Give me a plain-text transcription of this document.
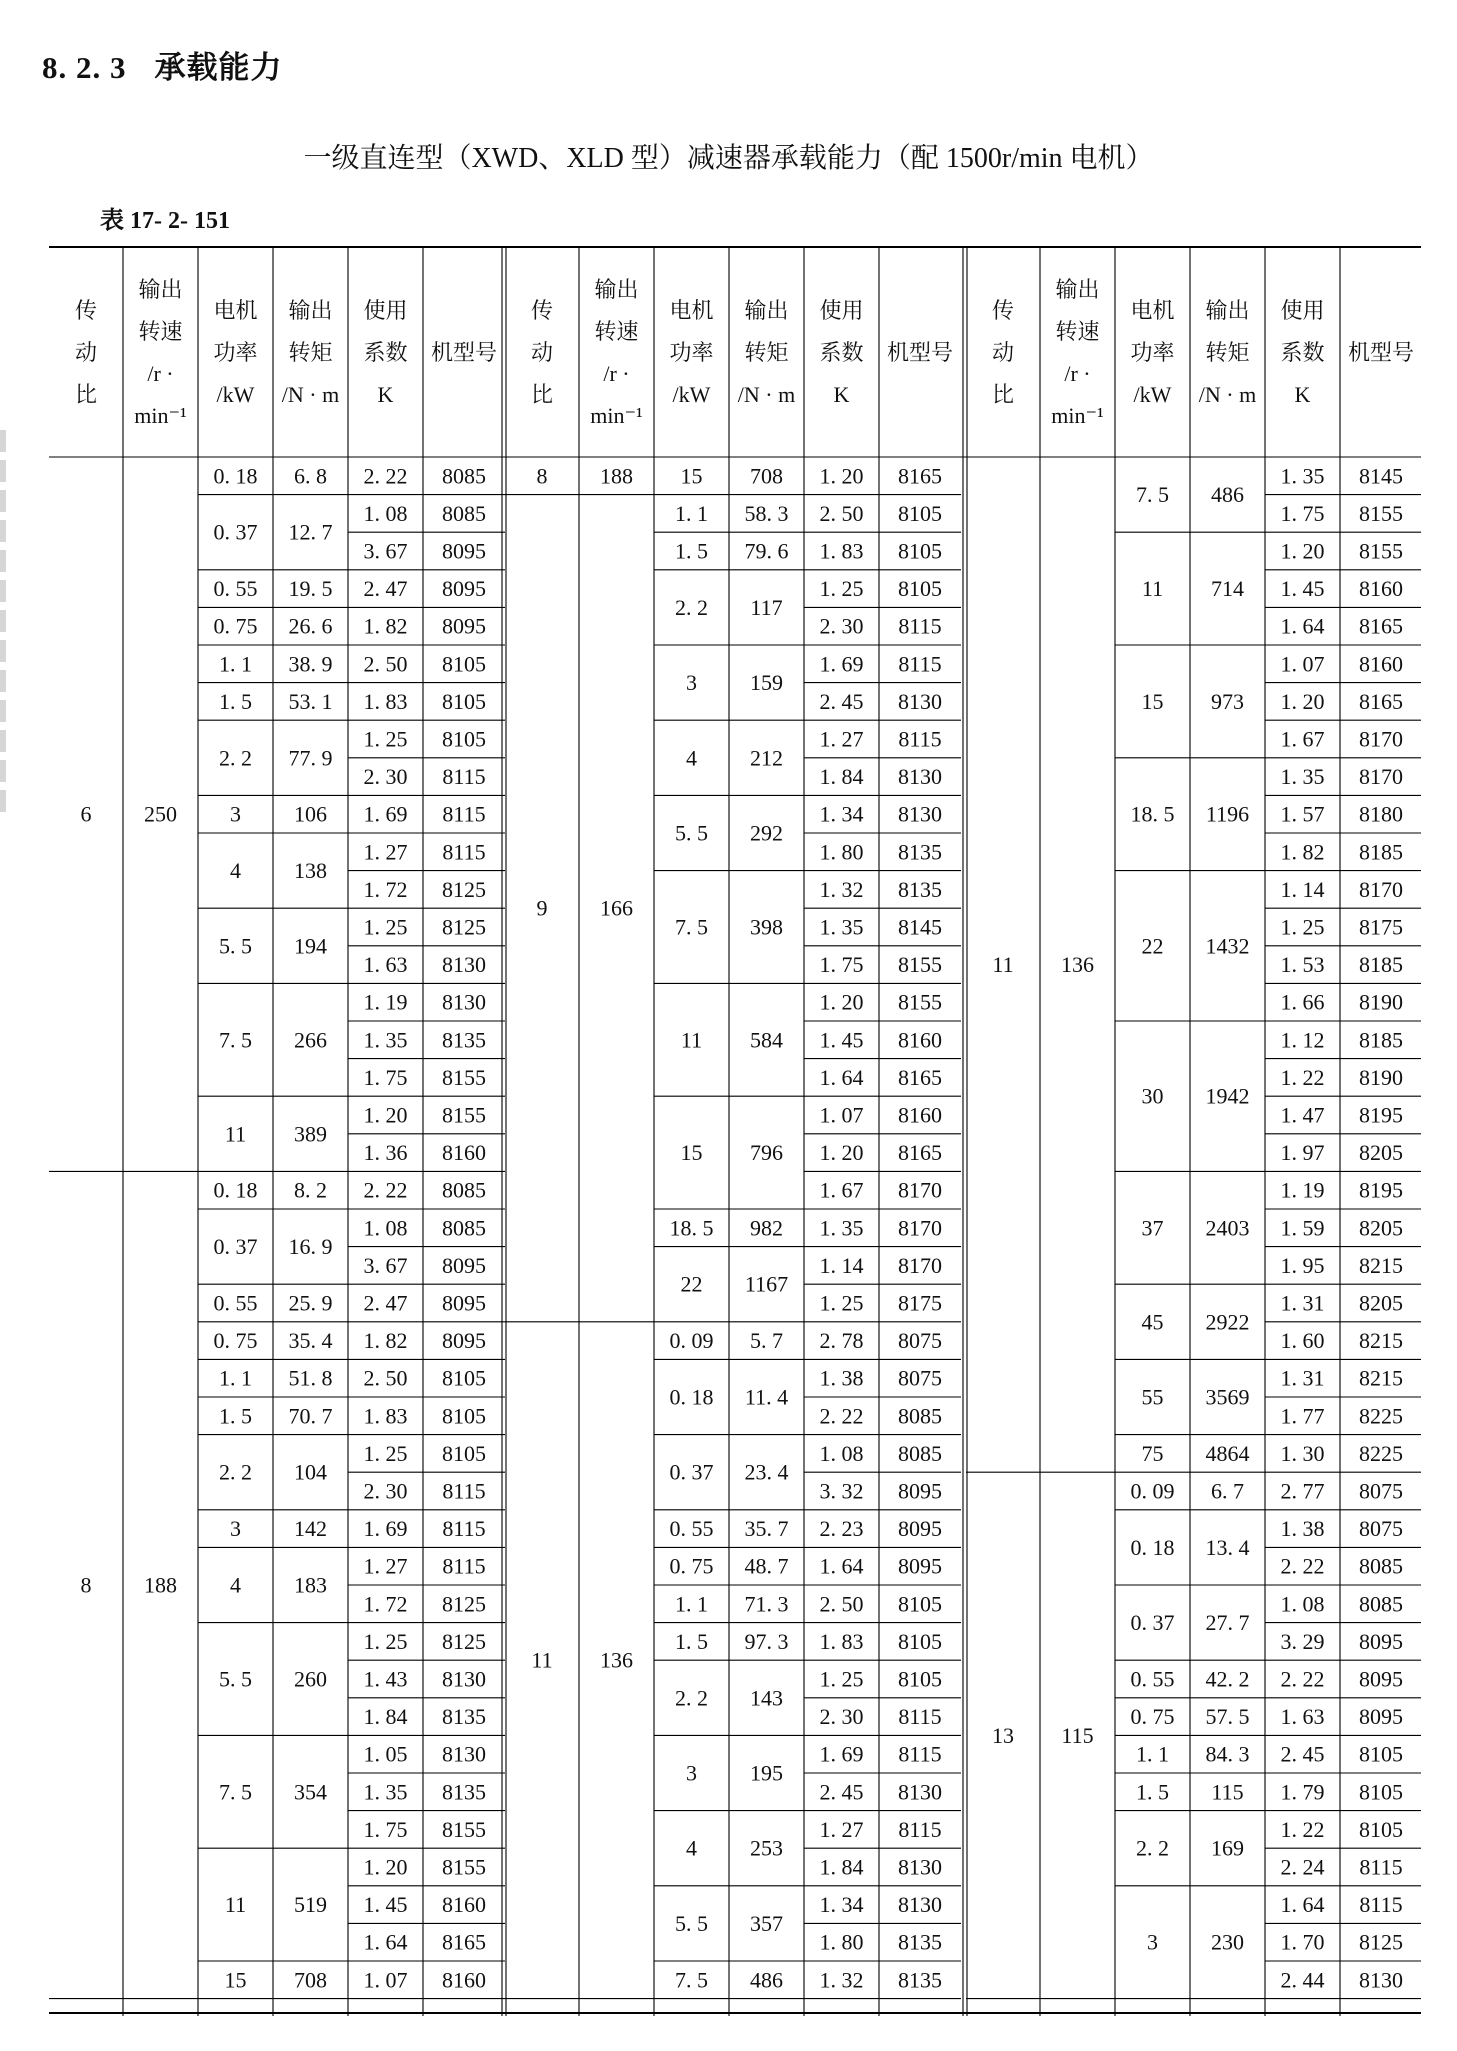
8. 2. 3 承载能力
一级直连型（XWD、XLD 型）减速器承载能力（配 1500r/min 电机）
表 17- 2- 151
传
动
比
输出
转速
/r ·
min⁻¹
电机
功率
/kW
输出
转矩
/N · m
使用
系数
K
机型号
2. 22 8085
0. 18 6. 8
1. 08 8085
3. 67 8095
0. 37 12. 7
2. 47 8095
0. 55 19. 5
1. 82 8095
0. 75 26. 6
2. 50 8105
1. 1 38. 9
1. 83 8105
1. 5 53. 1
1. 25 8105
2. 30 8115
2. 2 77. 9
1. 69 8115
3 106
1. 27 8115
1. 72 8125
4 138
1. 25 8125
1. 63 8130
5. 5 194
1. 19 8130
1. 35 8135
1. 75 8155
7. 5 266
1. 20 8155
1. 36 8160
11 389
6 250
2. 22 8085
0. 18 8. 2
1. 08 8085
3. 67 8095
0. 37 16. 9
2. 47 8095
0. 55 25. 9
1. 82 8095
0. 75 35. 4
2. 50 8105
1. 1 51. 8
1. 83 8105
1. 5 70. 7
1. 25 8105
2. 30 8115
2. 2 104
1. 69 8115
3 142
1. 27 8115
1. 72 8125
4 183
1. 25 8125
1. 43 8130
1. 84 8135
5. 5 260
1. 05 8130
1. 35 8135
1. 75 8155
7. 5 354
1. 20 8155
1. 45 8160
1. 64 8165
11 519
1. 07 8160
15 708
8 188
传
动
比
输出
转速
/r ·
min⁻¹
电机
功率
/kW
输出
转矩
/N · m
使用
系数
K
机型号
1. 20 8165
15 708
8 188
2. 50 8105
1. 1 58. 3
1. 83 8105
1. 5 79. 6
1. 25 8105
2. 30 8115
2. 2 117
1. 69 8115
2. 45 8130
3 159
1. 27 8115
1. 84 8130
4 212
1. 34 8130
1. 80 8135
5. 5 292
1. 32 8135
1. 35 8145
1. 75 8155
7. 5 398
1. 20 8155
1. 45 8160
1. 64 8165
11 584
1. 07 8160
1. 20 8165
1. 67 8170
15 796
1. 35 8170
18. 5 982
1. 14 8170
1. 25 8175
22 1167
9 166
2. 78 8075
0. 09 5. 7
1. 38 8075
2. 22 8085
0. 18 11. 4
1. 08 8085
3. 32 8095
0. 37 23. 4
2. 23 8095
0. 55 35. 7
1. 64 8095
0. 75 48. 7
2. 50 8105
1. 1 71. 3
1. 83 8105
1. 5 97. 3
1. 25 8105
2. 30 8115
2. 2 143
1. 69 8115
2. 45 8130
3 195
1. 27 8115
1. 84 8130
4 253
1. 34 8130
1. 80 8135
5. 5 357
1. 32 8135
7. 5 486
11 136
传
动
比
输出
转速
/r ·
min⁻¹
电机
功率
/kW
输出
转矩
/N · m
使用
系数
K
机型号
1. 35 8145
1. 75 8155
7. 5 486
1. 20 8155
1. 45 8160
1. 64 8165
11 714
1. 07 8160
1. 20 8165
1. 67 8170
15 973
1. 35 8170
1. 57 8180
1. 82 8185
18. 5 1196
1. 14 8170
1. 25 8175
1. 53 8185
1. 66 8190
22 1432
1. 12 8185
1. 22 8190
1. 47 8195
1. 97 8205
30 1942
1. 19 8195
1. 59 8205
1. 95 8215
37 2403
1. 31 8205
1. 60 8215
45 2922
1. 31 8215
1. 77 8225
55 3569
1. 30 8225
75 4864
11 136
2. 77 8075
0. 09 6. 7
1. 38 8075
2. 22 8085
0. 18 13. 4
1. 08 8085
3. 29 8095
0. 37 27. 7
2. 22 8095
0. 55 42. 2
1. 63 8095
0. 75 57. 5
2. 45 8105
1. 1 84. 3
1. 79 8105
1. 5 115
1. 22 8105
2. 24 8115
2. 2 169
1. 64 8115
1. 70 8125
2. 44 8130
3 230
13 115
